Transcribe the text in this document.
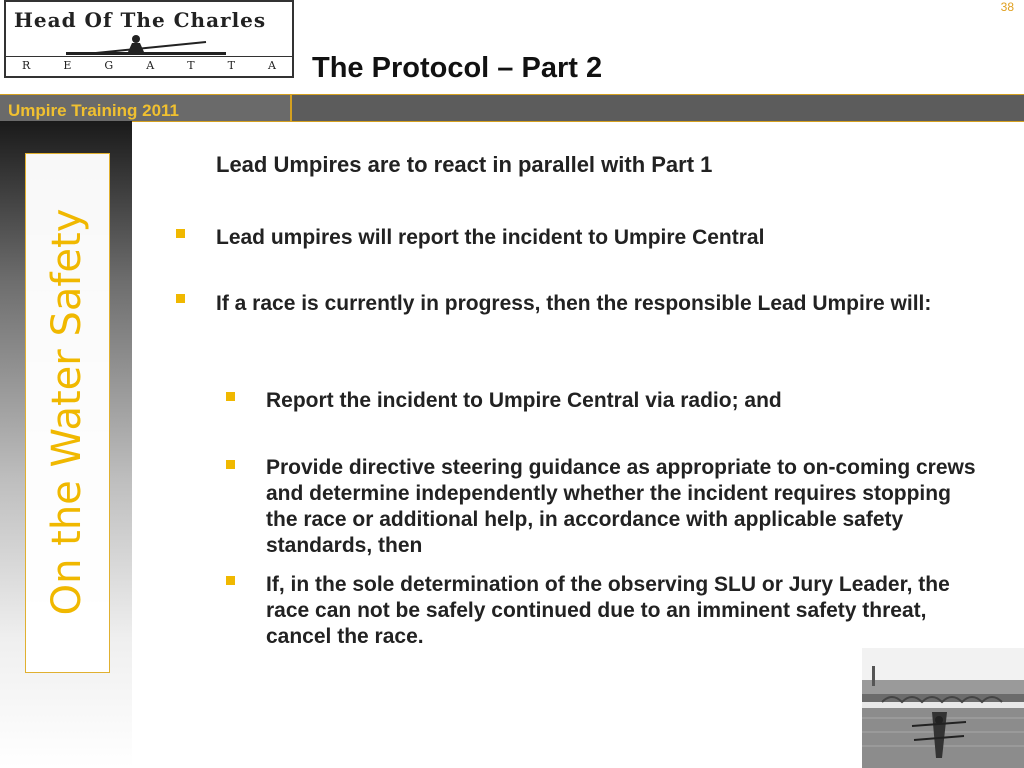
38
Head Of The Charles
R	E	G	A	T	T	A The Protocol – Part 2
Umpire Training 2011
On the Water Safety
Lead Umpires are to react in parallel with Part 1
Lead umpires will report the incident to Umpire Central
If a race is currently in progress, then the responsible Lead Umpire will:
Report the incident to Umpire Central via radio; and
Provide directive steering guidance as appropriate to on-coming crews and determine independently whether the incident requires stopping the race or additional help, in accordance with applicable safety standards, then
If, in the sole determination of the observing SLU or Jury Leader, the race can not be safely continued due to an imminent safety threat, cancel the race.
